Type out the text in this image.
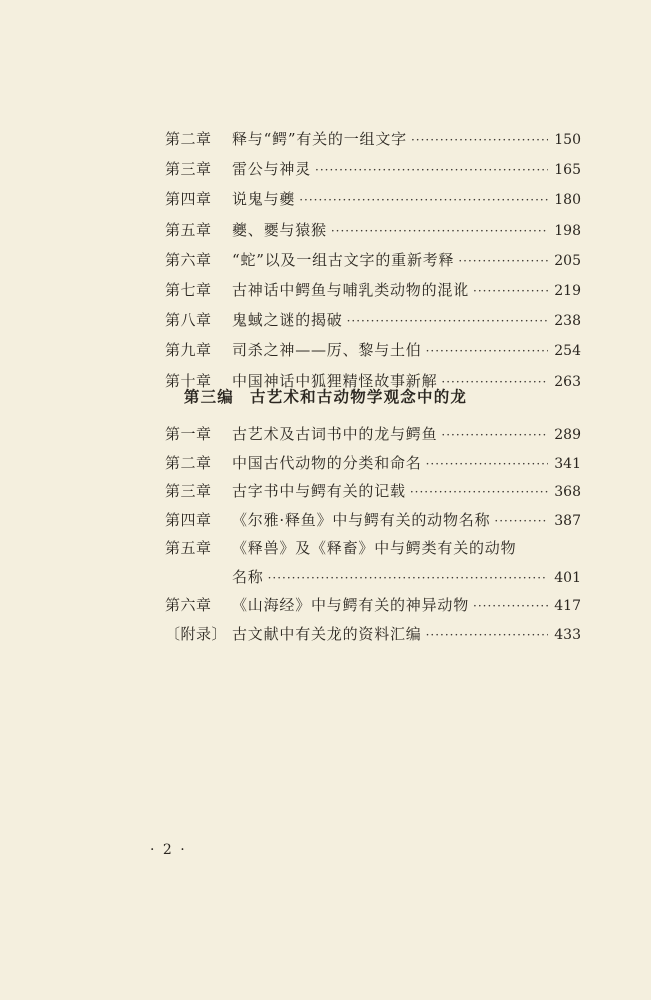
第二章	释与“鳄”有关的一组文字 ·····	150
第三章	雷公与神灵 ·····	165
第四章	说鬼与夔 ·····	180
第五章	夔、夒与猿猴 ·····	198
第六章	“蛇”以及一组古文字的重新考释 ·····	205
第七章	古神话中鳄鱼与哺乳类动物的混讹 ·····	219
第八章	鬼蜮之谜的揭破 ·····	238
第九章	司杀之神——厉、黎与土伯 ·····	254
第十章	中国神话中狐狸精怪故事新解 ·····	263
第三编 古艺术和古动物学观念中的龙
第一章	古艺术及古词书中的龙与鳄鱼 ·····	289
第二章	中国古代动物的分类和命名 ·····	341
第三章	古字书中与鳄有关的记载 ·····	368
第四章	《尔雅·释鱼》中与鳄有关的动物名称 ·····	387
第五章	《释兽》及《释畜》中与鳄类有关的动物
名称 ·····	401
第六章	《山海经》中与鳄有关的神异动物 ·····	417
〔附录〕 古文献中有关龙的资料汇编 ·····	433
· 2 ·
